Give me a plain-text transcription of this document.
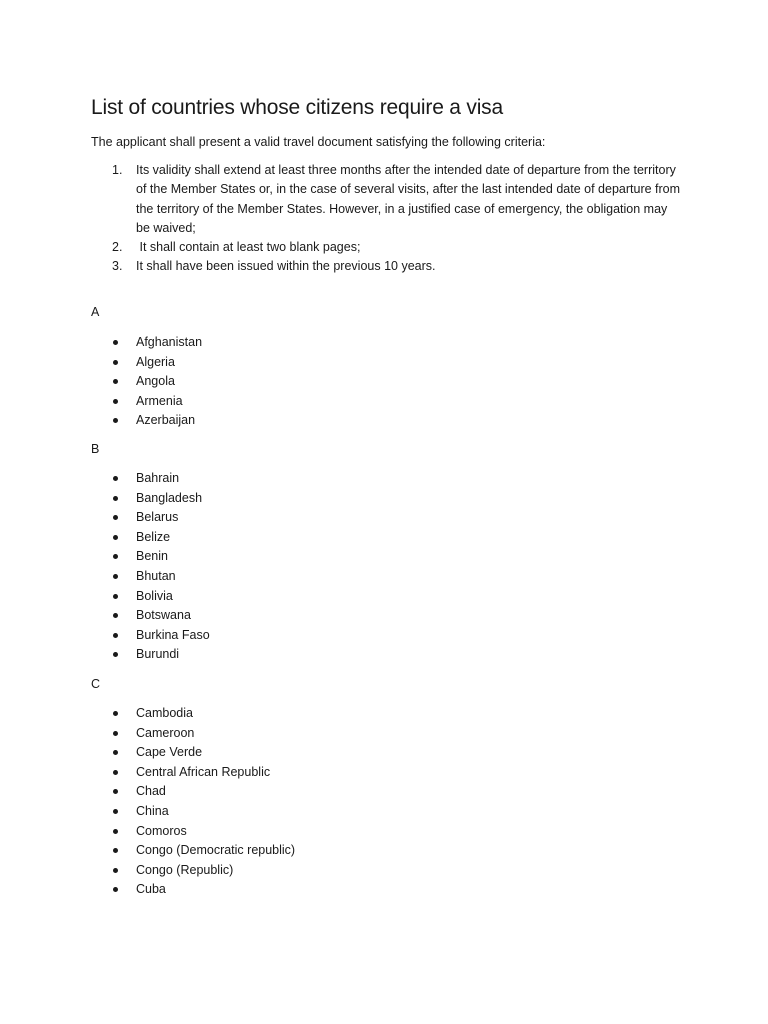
List of countries whose citizens require a visa

The applicant shall present a valid travel document satisfying the following criteria:

1. Its validity shall extend at least three months after the intended date of departure from the territory of the Member States or, in the case of several visits, after the last intended date of departure from the territory of the Member States. However, in a justified case of emergency, the obligation may be waived;
2. It shall contain at least two blank pages;
3. It shall have been issued within the previous 10 years.

A

Afghanistan
Algeria
Angola
Armenia
Azerbaijan

B

Bahrain
Bangladesh
Belarus
Belize
Benin
Bhutan
Bolivia
Botswana
Burkina Faso
Burundi

C

Cambodia
Cameroon
Cape Verde
Central African Republic
Chad
China
Comoros
Congo (Democratic republic)
Congo (Republic)
Cuba
